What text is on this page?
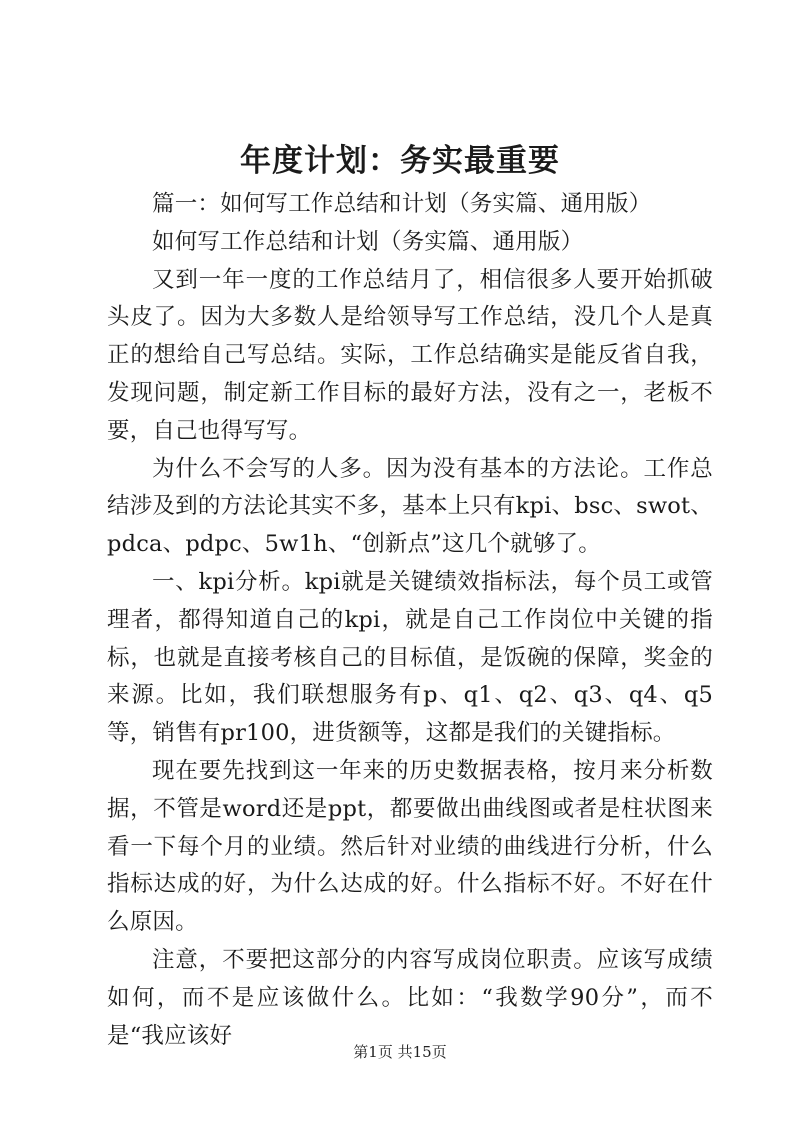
年度计划：务实最重要

篇一：如何写工作总结和计划（务实篇、通用版）

如何写工作总结和计划（务实篇、通用版）

又到一年一度的工作总结月了，相信很多人要开始抓破头皮了。因为大多数人是给领导写工作总结，没几个人是真正的想给自己写总结。实际，工作总结确实是能反省自我，发现问题，制定新工作目标的最好方法，没有之一，老板不要，自己也得写写。

为什么不会写的人多。因为没有基本的方法论。工作总结涉及到的方法论其实不多，基本上只有kpi、bsc、swot、pdca、pdpc、5w1h、“创新点”这几个就够了。

一、kpi分析。kpi就是关键绩效指标法，每个员工或管理者，都得知道自己的kpi，就是自己工作岗位中关键的指标，也就是直接考核自己的目标值，是饭碗的保障，奖金的来源。比如，我们联想服务有p、q1、q2、q3、q4、q5等，销售有pr100，进货额等，这都是我们的关键指标。

现在要先找到这一年来的历史数据表格，按月来分析数据，不管是word还是ppt，都要做出曲线图或者是柱状图来看一下每个月的业绩。然后针对业绩的曲线进行分析，什么指标达成的好，为什么达成的好。什么指标不好。不好在什么原因。

注意，不要把这部分的内容写成岗位职责。应该写成绩如何，而不是应该做什么。比如：“我数学90分”，而不是“我应该好

第1页 共15页
